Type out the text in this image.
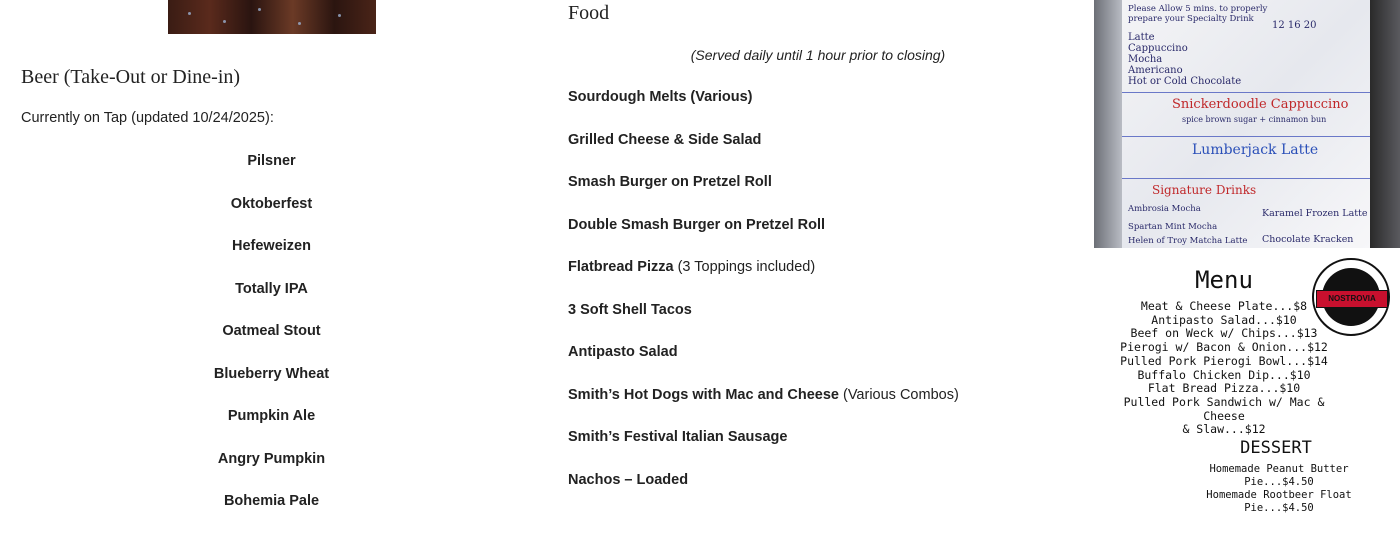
Beer (Take-Out or Dine-in)
Currently on Tap (updated 10/24/2025):
Pilsner
Oktoberfest
Hefeweizen
Totally IPA
Oatmeal Stout
Blueberry Wheat
Pumpkin Ale
Angry Pumpkin
Bohemia Pale
Food
(Served daily until 1 hour prior to closing)
Sourdough Melts (Various)
Grilled Cheese & Side Salad
Smash Burger on Pretzel Roll
Double Smash Burger on Pretzel Roll
Flatbread Pizza (3 Toppings included)
3 Soft Shell Tacos
Antipasto Salad
Smith’s Hot Dogs with Mac and Cheese (Various Combos)
Smith’s Festival Italian Sausage
Nachos – Loaded
Please Allow 5 mins. to properly prepare your Specialty Drink
12 16 20
Latte
Cappuccino
Mocha
Americano
Hot or Cold Chocolate
Snickerdoodle Cappuccino
spice brown sugar + cinnamon bun
Lumberjack Latte
Signature Drinks
Ambrosia Mocha
Spartan Mint Mocha
Helen of Troy Matcha Latte
Karamel Frozen Latte
Chocolate Kracken
Menu
NOSTROVIA
Meat & Cheese Plate...$8
Antipasto Salad...$10
Beef on Weck w/ Chips...$13
Pierogi w/ Bacon & Onion...$12
Pulled Pork Pierogi Bowl...$14
Buffalo Chicken Dip...$10
Flat Bread Pizza...$10
Pulled Pork Sandwich w/ Mac & Cheese
& Slaw...$12
DESSERT
Homemade Peanut Butter Pie...$4.50
Homemade Rootbeer Float Pie...$4.50
